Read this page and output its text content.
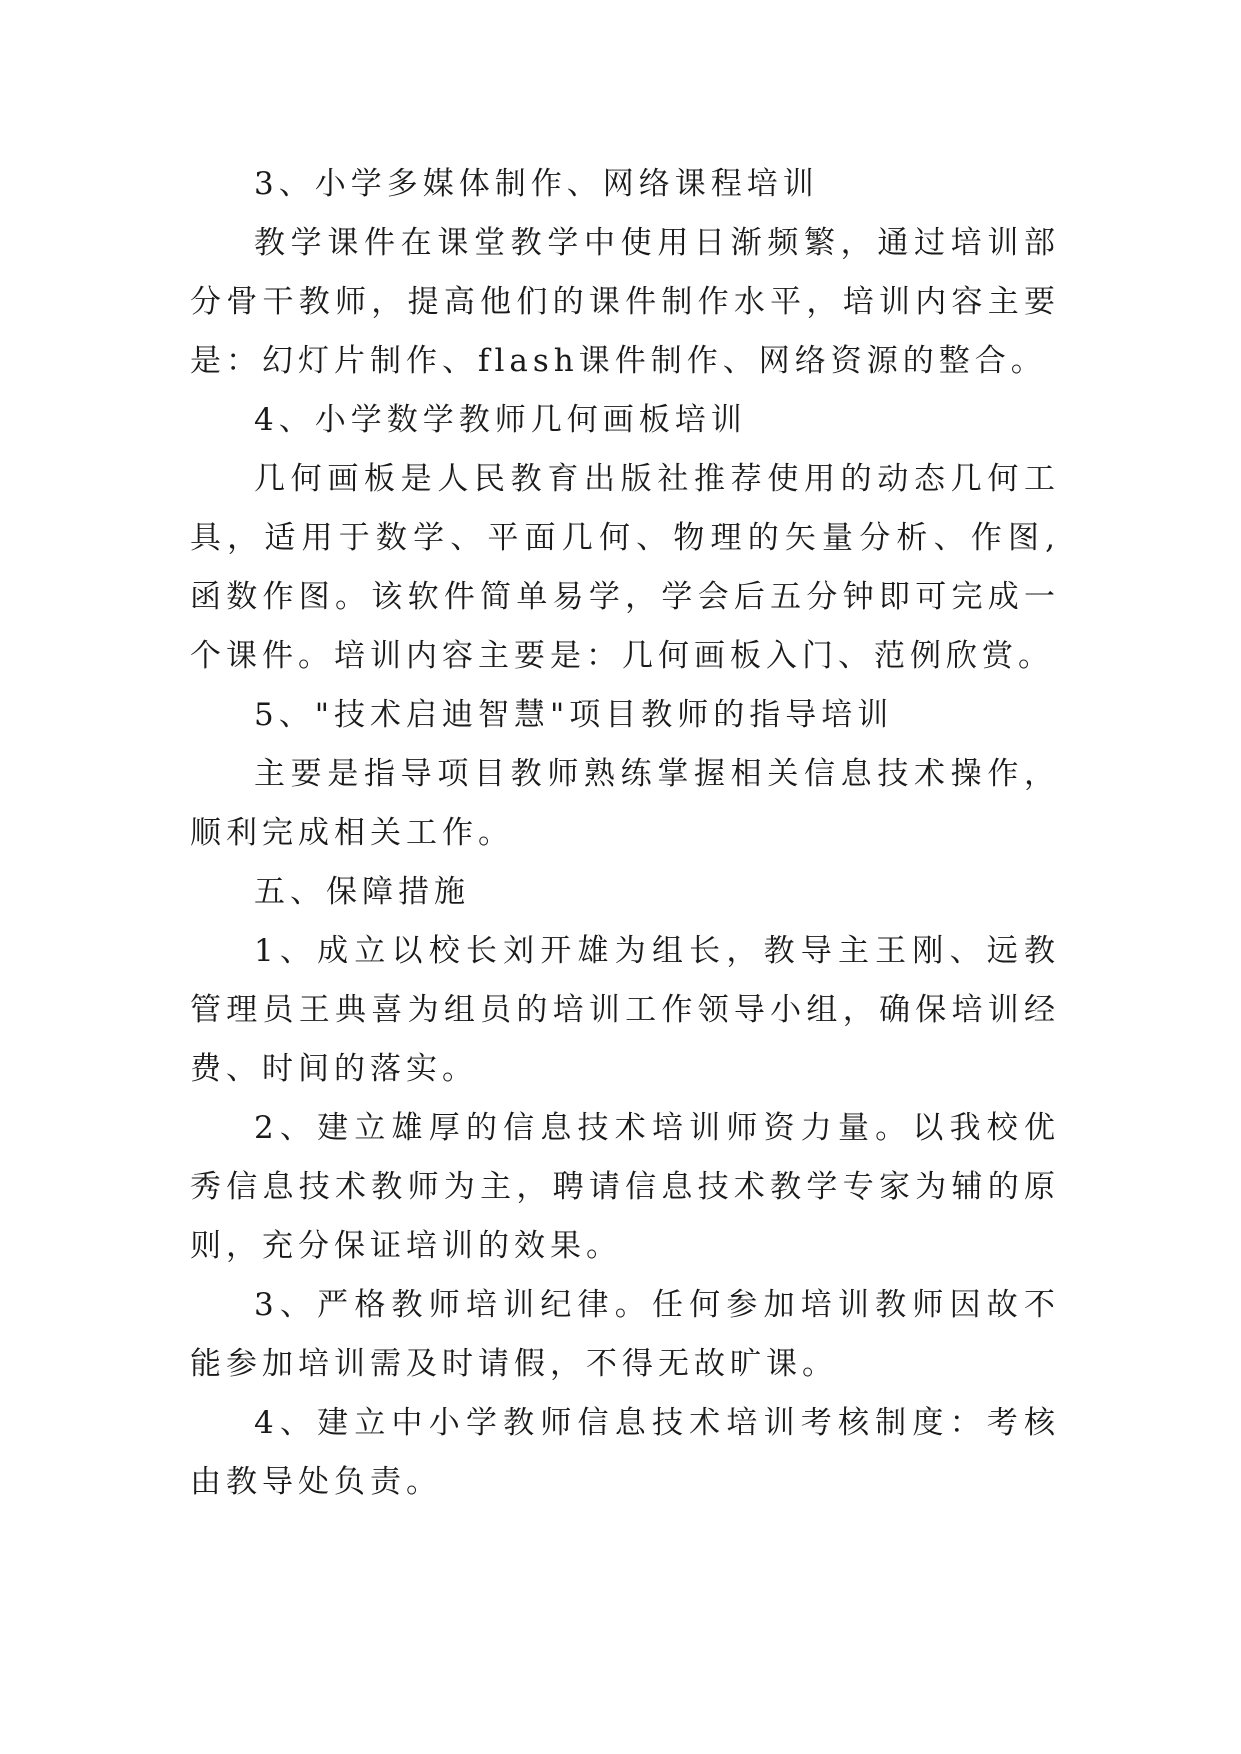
3、小学多媒体制作、网络课程培训

教学课件在课堂教学中使用日渐频繁，通过培训部分骨干教师，提高他们的课件制作水平，培训内容主要是：幻灯片制作、flash课件制作、网络资源的整合。

4、小学数学教师几何画板培训

几何画板是人民教育出版社推荐使用的动态几何工具，适用于数学、平面几何、物理的矢量分析、作图,函数作图。该软件简单易学，学会后五分钟即可完成一个课件。培训内容主要是：几何画板入门、范例欣赏。

5、"技术启迪智慧"项目教师的指导培训

主要是指导项目教师熟练掌握相关信息技术操作，顺利完成相关工作。

五、保障措施

1、成立以校长刘开雄为组长，教导主王刚、远教管理员王典喜为组员的培训工作领导小组，确保培训经费、时间的落实。

2、建立雄厚的信息技术培训师资力量。以我校优秀信息技术教师为主，聘请信息技术教学专家为辅的原则，充分保证培训的效果。

3、严格教师培训纪律。任何参加培训教师因故不能参加培训需及时请假，不得无故旷课。

4、建立中小学教师信息技术培训考核制度：考核由教导处负责。
